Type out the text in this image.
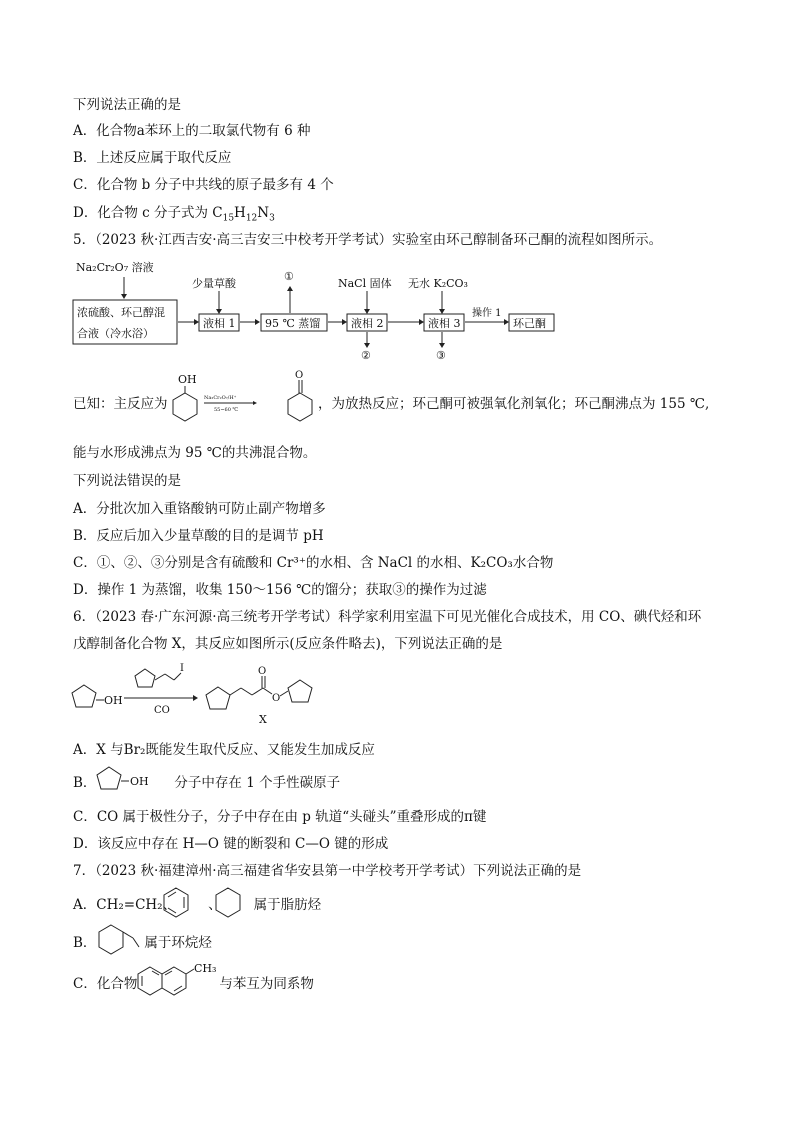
下列说法正确的是
A．化合物a苯环上的二取氯代物有 6 种
B．上述反应属于取代反应
C．化合物 b 分子中共线的原子最多有 4 个
D．化合物 c 分子式为 $C_{15}H_{12}N_3$
5．（2023 秋·江西吉安·高三吉安三中校考开学考试）实验室由环己醇制备环己酮的流程如图所示。
Na₂Cr₂O₇ 溶液
浓硫酸、环己醇混
合液（冷水浴）
少量草酸
液相 1	95 ℃ 蒸馏
①
NaCl 固体
液相 2
②
无水 K₂CO₃
液相 3
③
操作 1
环己酮
已知：主反应为
OH
Na₂Cr₂O₇/H⁺
55~60 ℃
O
，为放热反应；环己酮可被强氧化剂氧化；环己酮沸点为 155 ℃,
能与水形成沸点为 95 ℃的共沸混合物。
下列说法错误的是
A．分批次加入重铬酸钠可防止副产物增多
B．反应后加入少量草酸的目的是调节 pH
C．①、②、③分别是含有硫酸和 Cr³⁺的水相、含 NaCl 的水相、K₂CO₃水合物
D．操作 1 为蒸馏，收集 150～156 ℃的馏分；获取③的操作为过滤
6．（2023 春·广东河源·高三统考开学考试）科学家利用室温下可见光催化合成技术，用 CO、碘代烃和环
戊醇制备化合物 X，其反应如图所示(反应条件略去)，下列说法正确的是
OH
I
CO
O
O
X
A．X 与Br₂既能发生取代反应、又能发生加成反应
B．	分子中存在 1 个手性碳原子
OH
C．CO 属于极性分子，分子中存在由 p 轨道“头碰头”重叠形成的π键
D．该反应中存在 H—O 键的断裂和 C—O 键的形成
7．（2023 秋·福建漳州·高三福建省华安县第一中学校考开学考试）下列说法正确的是
A．CH₂=CH₂、 、 属于脂肪烃
B．	属于环烷烃
C．化合物	与苯互为同系物
CH₃
